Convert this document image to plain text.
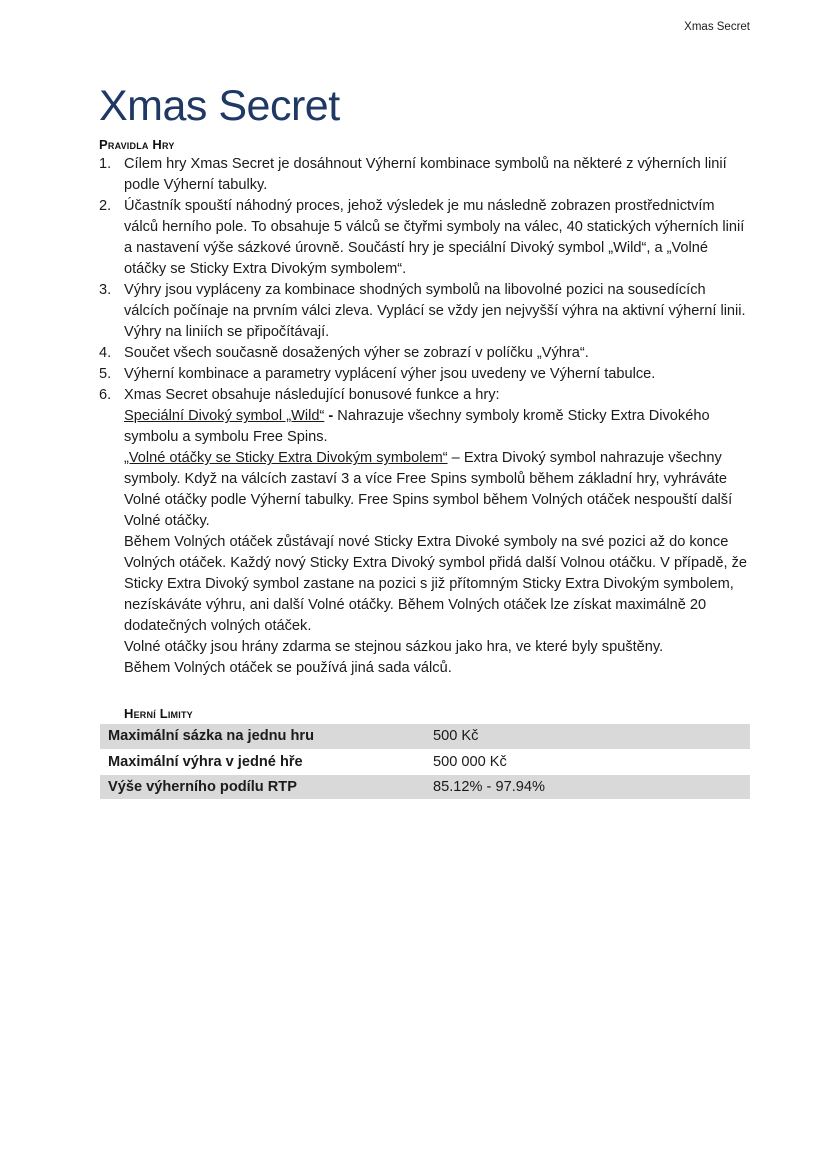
Xmas Secret
Xmas Secret
Pravidla Hry
1. Cílem hry Xmas Secret je dosáhnout Výherní kombinace symbolů na některé z výherních linií podle Výherní tabulky.
2. Účastník spouští náhodný proces, jehož výsledek je mu následně zobrazen prostřednictvím válců herního pole. To obsahuje 5 válců se čtyřmi symboly na válec, 40 statických výherních linií a nastavení výše sázkové úrovně. Součástí hry je speciální Divoký symbol „Wild“, a „Volné otáčky se Sticky Extra Divokým symbolem“.
3. Výhry jsou vypláceny za kombinace shodných symbolů na libovolné pozici na sousedících válcích počínaje na prvním válci zleva. Vyplácí se vždy jen nejvyšší výhra na aktivní výherní linii. Výhry na liniích se připočítávají.
4. Součet všech současně dosažených výher se zobrazí v políčku „Výhra“.
5. Výherní kombinace a parametry vyplácení výher jsou uvedeny ve Výherní tabulce.
6. Xmas Secret obsahuje následující bonusové funkce a hry:

Speciální Divoký symbol „Wild“ - Nahrazuje všechny symboly kromě Sticky Extra Divokého symbolu a symbolu Free Spins.

„Volné otáčky se Sticky Extra Divokým symbolem“ – Extra Divoký symbol nahrazuje všechny symboly. Když na válcích zastaví 3 a více Free Spins symbolů během základní hry, vyhráváte Volné otáčky podle Výherní tabulky. Free Spins symbol během Volných otáček nespouští další Volné otáčky.

Během Volných otáček zůstávají nové Sticky Extra Divoké symboly na své pozici až do konce Volných otáček. Každý nový Sticky Extra Divoký symbol přidá další Volnou otáčku. V případě, že Sticky Extra Divoký symbol zastane na pozici s již přítomným Sticky Extra Divokým symbolem, nezískáváte výhru, ani další Volné otáčky. Během Volných otáček lze získat maximálně 20 dodatečných volných otáček.

Volné otáčky jsou hrány zdarma se stejnou sázkou jako hra, ve které byly spuštěny.

Během Volných otáček se používá jiná sada válců.

Herní Limity
Maximální sázka na jednu hru	500 Kč
Maximální výhra v jedné hře	500 000 Kč
Výše výherního podílu RTP	85.12% - 97.94%
